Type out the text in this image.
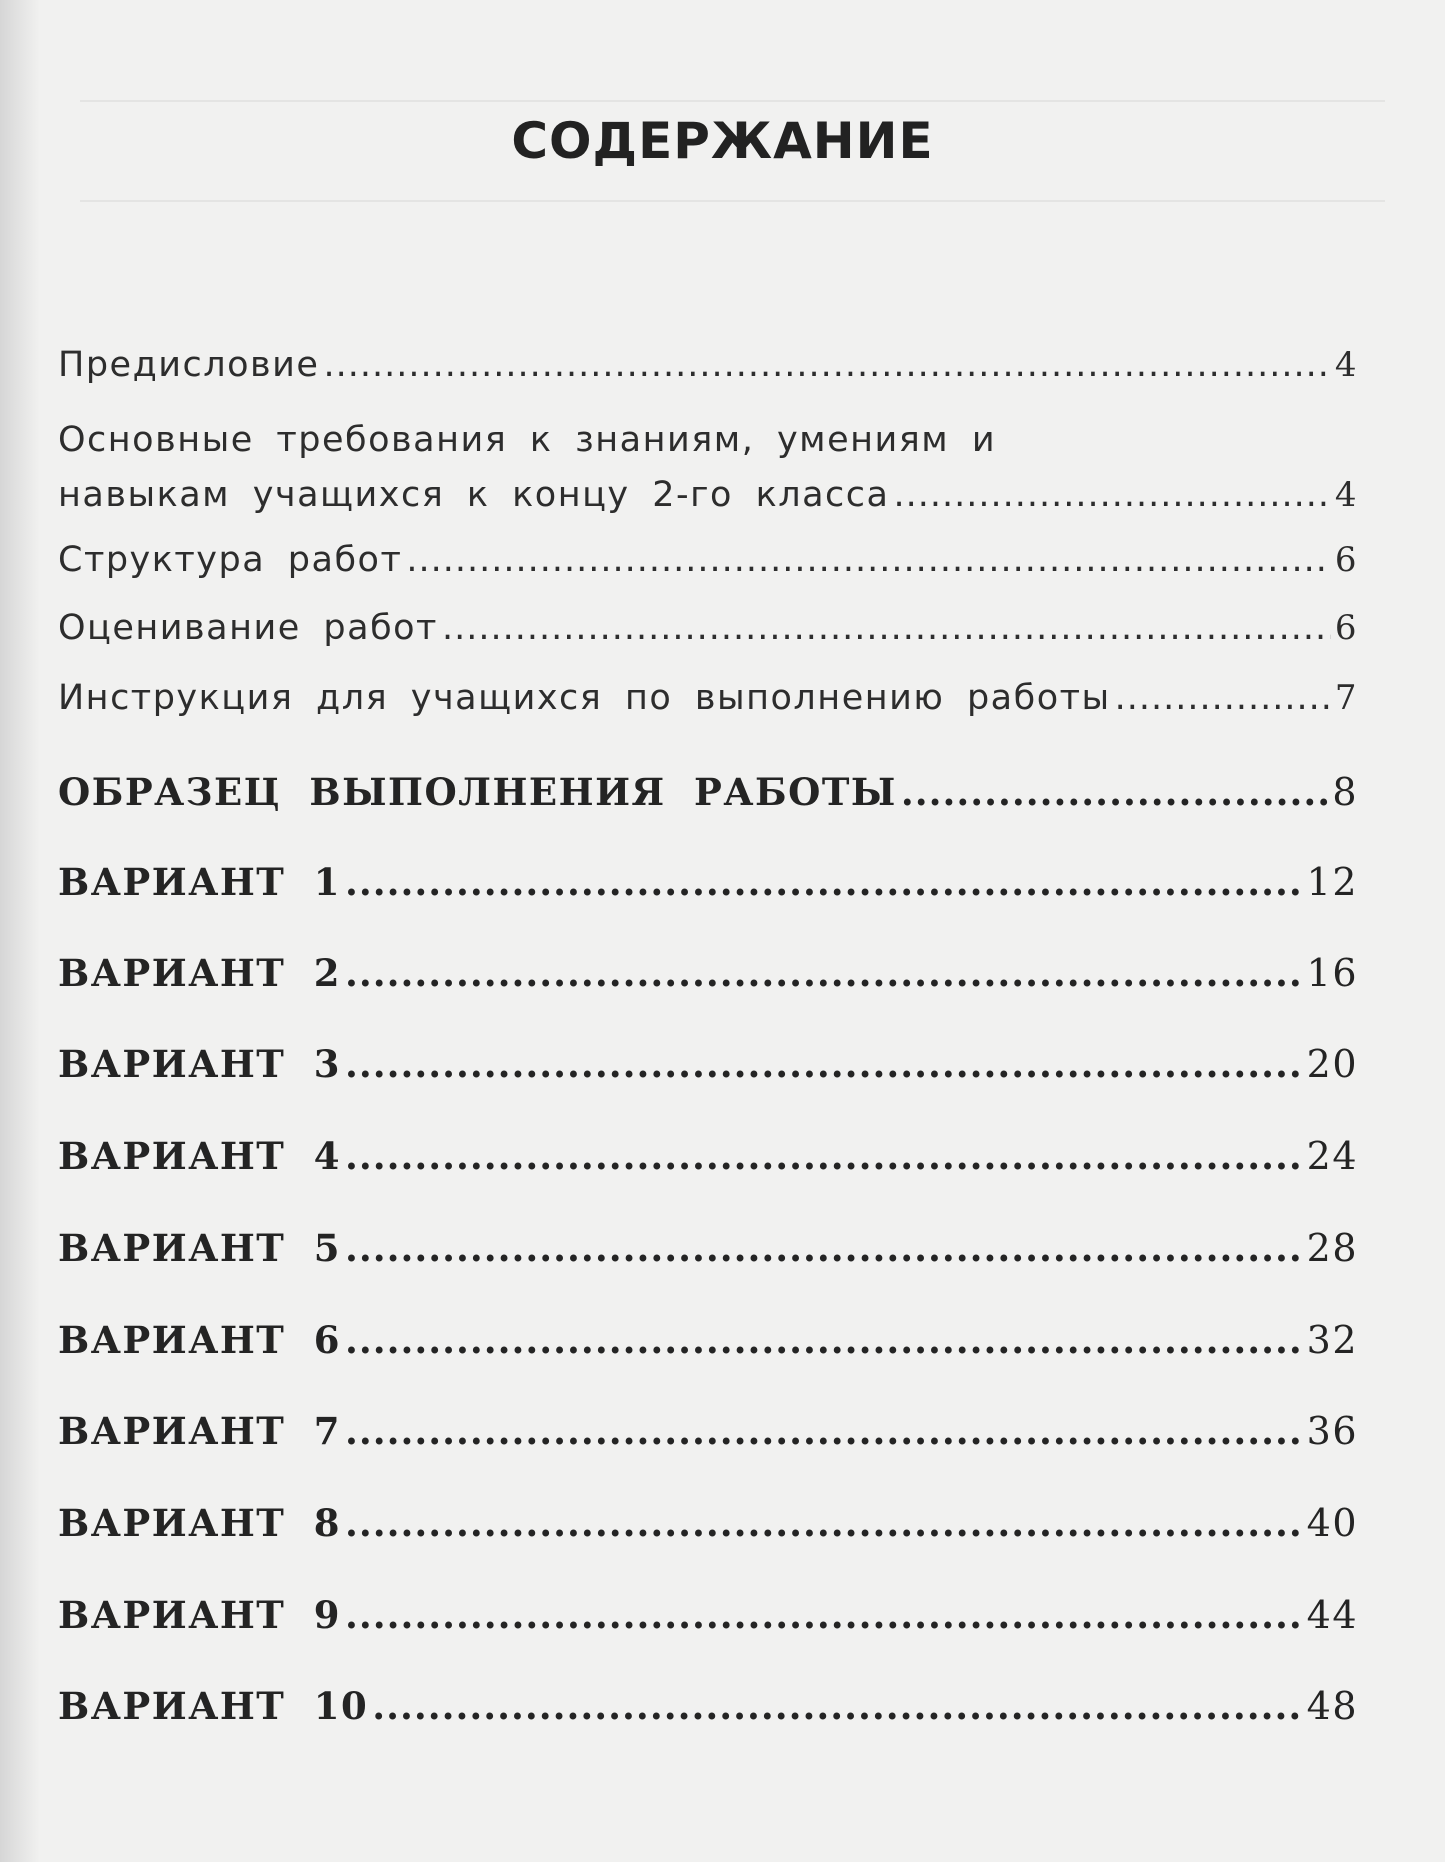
СОДЕРЖАНИЕ
Предисловие .....	4
Основные требования к знаниям, умениям и
навыкам учащихся к концу 2-го класса .....	4
Структура работ .....	6
Оценивание работ .....	6
Инструкция для учащихся по выполнению работы .....	7
ОБРАЗЕЦ ВЫПОЛНЕНИЯ РАБОТЫ .....	8
ВАРИАНТ 1 .....	12
ВАРИАНТ 2 .....	16
ВАРИАНТ 3 .....	20
ВАРИАНТ 4 .....	24
ВАРИАНТ 5 .....	28
ВАРИАНТ 6 .....	32
ВАРИАНТ 7 .....	36
ВАРИАНТ 8 .....	40
ВАРИАНТ 9 .....	44
ВАРИАНТ 10 .....	48
